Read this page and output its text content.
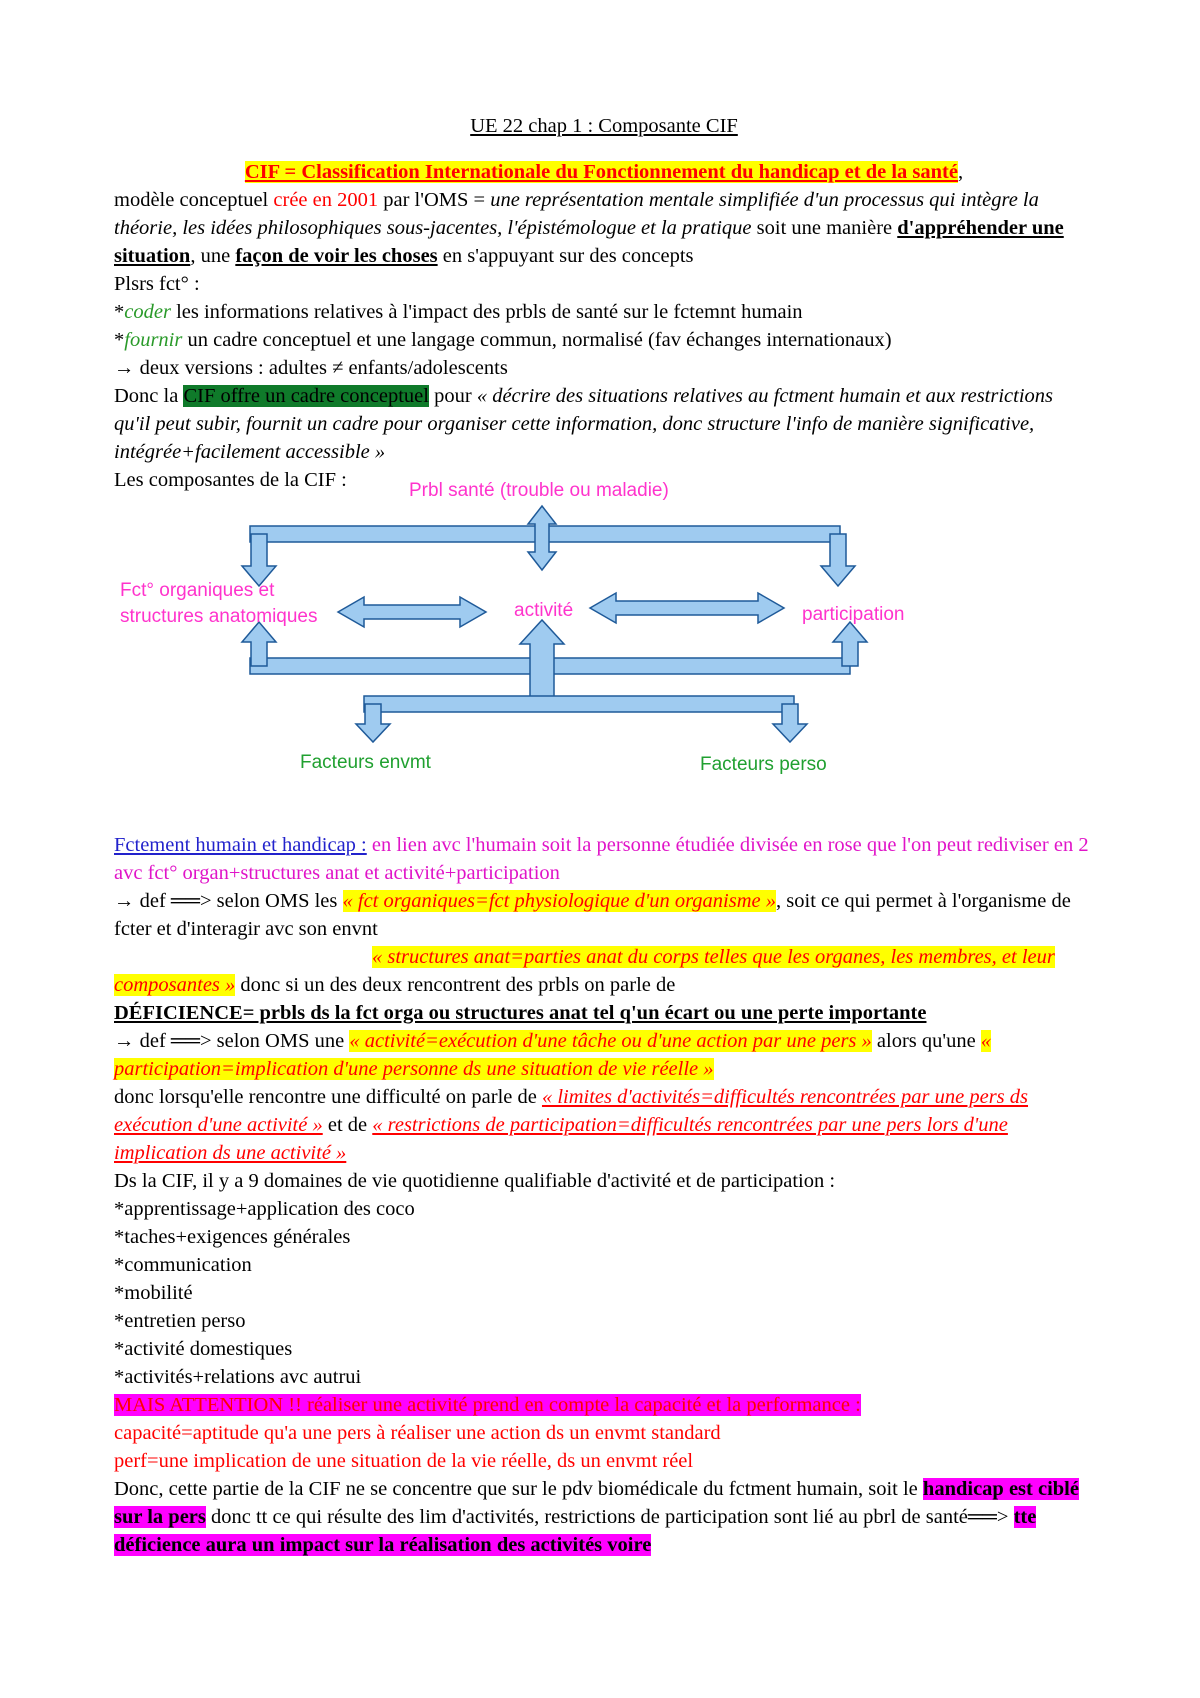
UE 22 chap 1 : Composante CIF

CIF = Classification Internationale du Fonctionnement du handicap et de la santé,

modèle conceptuel crée en 2001 par l'OMS = une représentation mentale simplifiée d'un processus qui intègre la théorie, les idées philosophiques sous-jacentes, l'épistémologue et la pratique soit une manière d'appréhender une situation, une façon de voir les choses en s'appuyant sur des concepts

Plsrs fct° :

*coder les informations relatives à l'impact des prbls de santé sur le fctemnt humain

*fournir un cadre conceptuel et une langage commun, normalisé (fav échanges internationaux)

→ deux versions : adultes ≠ enfants/adolescents

Donc la CIF offre un cadre conceptuel pour « décrire des situations relatives au fctment humain et aux restrictions qu'il peut subir, fournit un cadre pour organiser cette information, donc structure l'info de manière significative, intégrée+facilement accessible »

Les composantes de la CIF :	Prbl santé (trouble ou maladie)
Fct° organiques et
structures anatomiques	activité	participation
Facteurs envmt	Facteurs perso

Fctement humain et handicap : en lien avc l'humain soit la personne étudiée divisée en rose que l'on peut rediviser en 2 avc fct° organ+structures anat et activité+participation

→ def ══> selon OMS les « fct organiques=fct physiologique d'un organisme », soit ce qui permet à l'organisme de fcter et d'interagir avc son envnt

« structures anat=parties anat du corps telles que les organes, les membres, et leur composantes » donc si un des deux rencontrent des prbls on parle de

DÉFICIENCE= prbls ds la fct orga ou structures anat tel q'un écart ou une perte importante

→ def ══> selon OMS une « activité=exécution d'une tâche ou d'une action par une pers » alors qu'une « participation=implication d'une personne ds une situation de vie réelle »

donc lorsqu'elle rencontre une difficulté on parle de « limites d'activités=difficultés rencontrées par une pers ds exécution d'une activité » et de « restrictions de participation=difficultés rencontrées par une pers lors d'une implication ds une activité »

Ds la CIF, il y a 9 domaines de vie quotidienne qualifiable d'activité et de participation :

*apprentissage+application des coco

*taches+exigences générales

*communication

*mobilité

*entretien perso

*activité domestiques

*activités+relations avc autrui

MAIS ATTENTION !! réaliser une activité prend en compte la capacité et la performance :

capacité=aptitude qu'a une pers à réaliser une action ds un envmt standard

perf=une implication de une situation de la vie réelle, ds un envmt réel

Donc, cette partie de la CIF ne se concentre que sur le pdv biomédicale du fctment humain, soit le handicap est ciblé sur la pers donc tt ce qui résulte des lim d'activités, restrictions de participation sont lié au pbrl de santé══> tte déficience aura un impact sur la réalisation des activités voire
